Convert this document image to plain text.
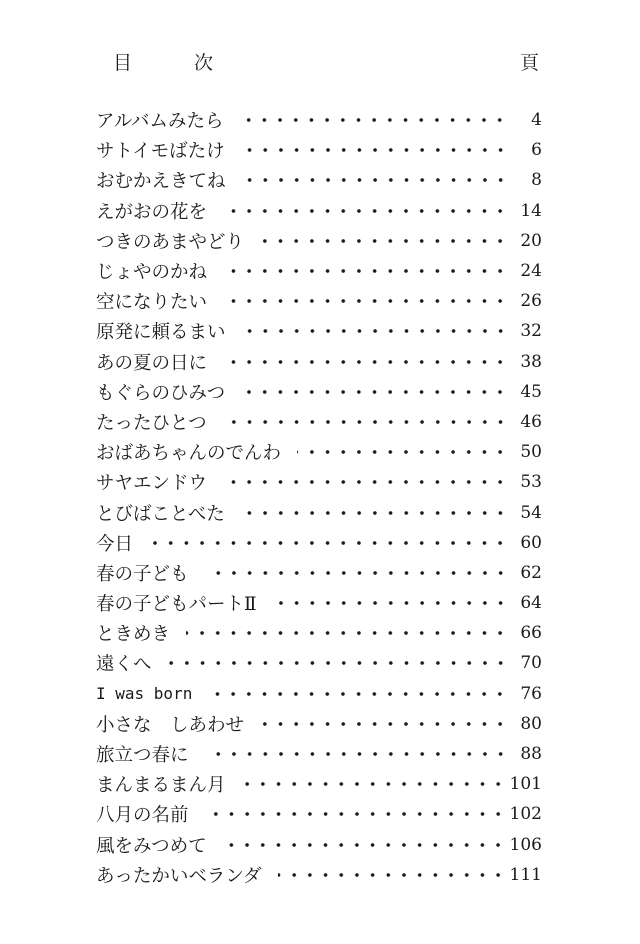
目次	頁
アルバムみたら	4
サトイモばたけ	6
おむかえきてね	8
えがおの花を	14
つきのあまやどり	20
じょやのかね	24
空になりたい	26
原発に頼るまい	32
あの夏の日に	38
もぐらのひみつ	45
たったひとつ	46
おばあちゃんのでんわ	50
サヤエンドウ	53
とびばことべた	54
今日	60
春の子ども	62
春の子どもパートⅡ	64
ときめき	66
遠くへ	70
I was born	76
小さな　しあわせ	80
旅立つ春に	88
まんまるまん月	101
八月の名前	102
風をみつめて	106
あったかいベランダ	111
